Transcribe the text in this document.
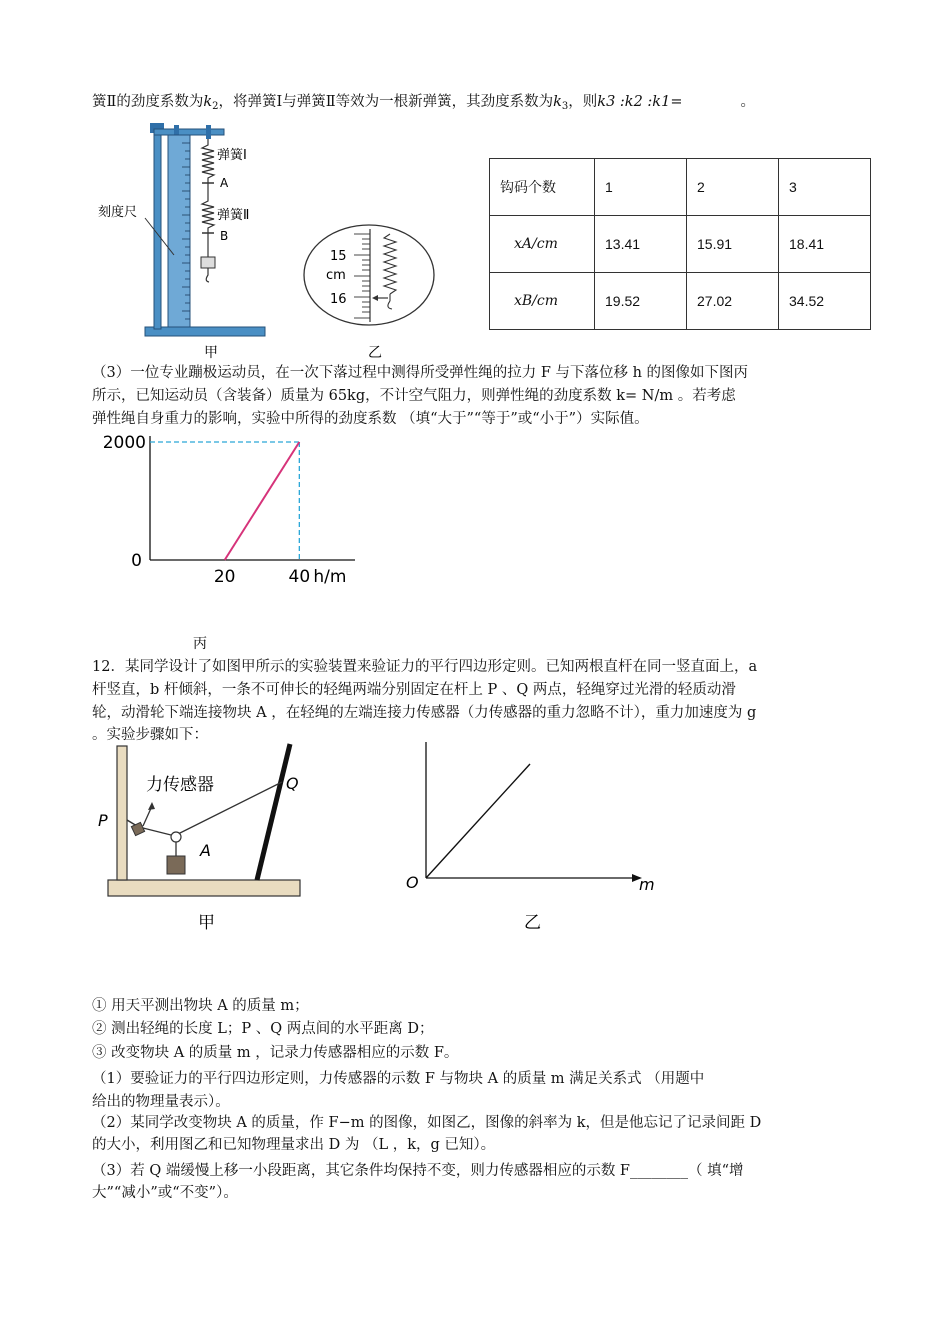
簧Ⅱ的劲度系数为$k_2$，将弹簧Ⅰ与弹簧Ⅱ等效为一根新弹簧，其劲度系数为$k_3$，则k3 :k2 :k1=	。
弹簧Ⅰ
A
弹簧Ⅱ
B
刻度尺
甲
15
cm
16
乙
钩码个数	1	2	3
xA/cm	13.41	15.91	18.41
xB/cm	19.52	27.02	34.52
（3）一位专业蹦极运动员，在一次下落过程中测得所受弹性绳的拉力 F 与下落位移 h 的图像如下图丙
所示，已知运动员（含装备）质量为 65kg，不计空气阻力，则弹性绳的劲度系数 k= N/m 。若考虑
弹性绳自身重力的影响，实验中所得的劲度系数 （填“大于”“等于”或“小于”）实际值。
2000
0
20	40 h/m
丙
12．某同学设计了如图甲所示的实验装置来验证力的平行四边形定则。已知两根直杆在同一竖直面上，a
杆竖直，b 杆倾斜，一条不可伸长的轻绳两端分别固定在杆上 P 、Q 两点，轻绳穿过光滑的轻质动滑
轮，动滑轮下端连接物块 A ，在轻绳的左端连接力传感器（力传感器的重力忽略不计），重力加速度为 g
。实验步骤如下：
力传感器
P
Q
A
甲
O	m
乙
① 用天平测出物块 A 的质量 m；
② 测出轻绳的长度 L；P 、Q 两点间的水平距离 D；
③ 改变物块 A 的质量 m ，记录力传感器相应的示数 F。
（1）要验证力的平行四边形定则，力传感器的示数 F 与物块 A 的质量 m 满足关系式 （用题中
给出的物理量表示）。
（2）某同学改变物块 A 的质量，作 F−m 的图像，如图乙，图像的斜率为 k，但是他忘记了记录间距 D
的大小，利用图乙和已知物理量求出 D 为 （L ，k，g 已知）。
（3）若 Q 端缓慢上移一小段距离，其它条件均保持不变，则力传感器相应的示数 F________（ 填“增
大”“减小”或“不变”）。
